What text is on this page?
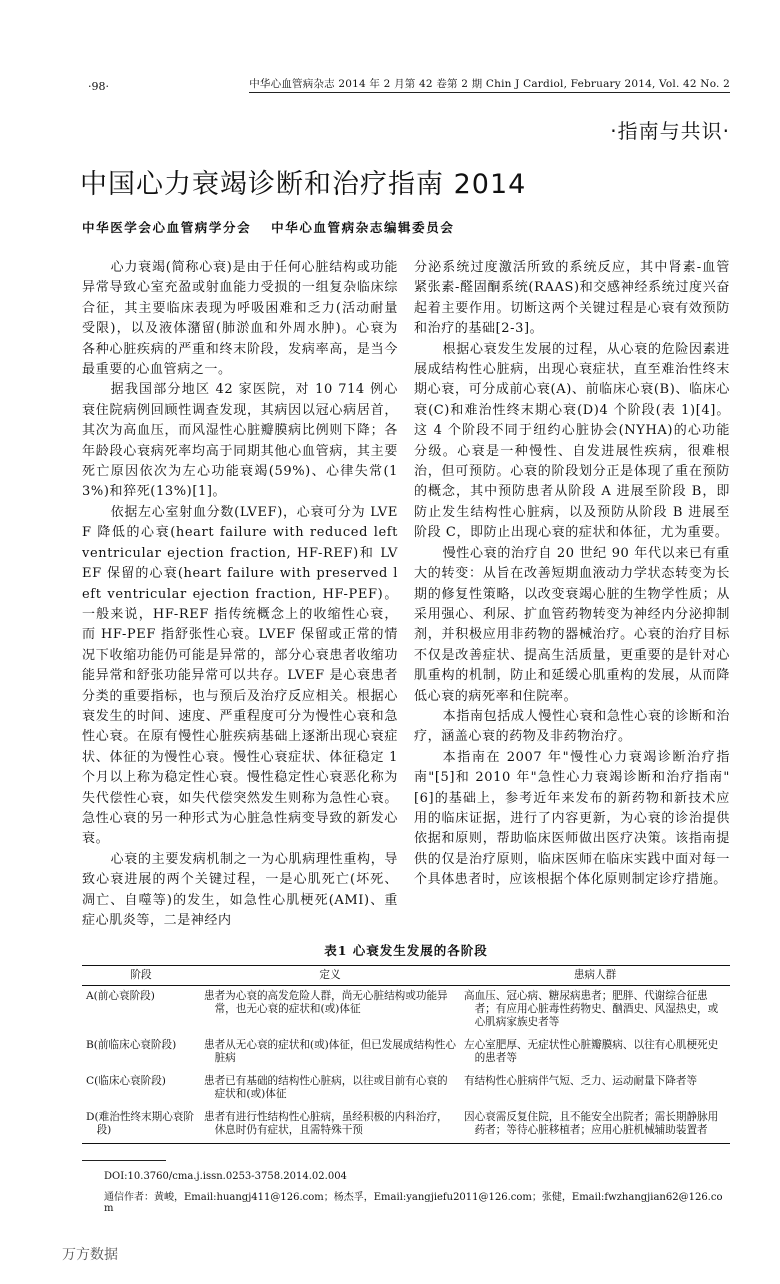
·98·	中华心血管病杂志 2014 年 2 月第 42 卷第 2 期 Chin J Cardiol, February 2014, Vol. 42 No. 2
·指南与共识·
中国心力衰竭诊断和治疗指南 2014
中华医学会心血管病学分会 中华心血管病杂志编辑委员会

心力衰竭(简称心衰)是由于任何心脏结构或功能异常导致心室充盈或射血能力受损的一组复杂临床综合征，其主要临床表现为呼吸困难和乏力(活动耐量受限)，以及液体潴留(肺淤血和外周水肿)。心衰为各种心脏疾病的严重和终末阶段，发病率高，是当今最重要的心血管病之一。

据我国部分地区 42 家医院，对 10 714 例心衰住院病例回顾性调查发现，其病因以冠心病居首，其次为高血压，而风湿性心脏瓣膜病比例则下降；各年龄段心衰病死率均高于同期其他心血管病，其主要死亡原因依次为左心功能衰竭(59%)、心律失常(13%)和猝死(13%)[1]。

依据左心室射血分数(LVEF)，心衰可分为 LVEF 降低的心衰(heart failure with reduced left ventricular ejection fraction, HF-REF)和 LVEF 保留的心衰(heart failure with preserved left ventricular ejection fraction, HF-PEF)。一般来说，HF-REF 指传统概念上的收缩性心衰，而 HF-PEF 指舒张性心衰。LVEF 保留或正常的情况下收缩功能仍可能是异常的，部分心衰患者收缩功能异常和舒张功能异常可以共存。LVEF 是心衰患者分类的重要指标，也与预后及治疗反应相关。根据心衰发生的时间、速度、严重程度可分为慢性心衰和急性心衰。在原有慢性心脏疾病基础上逐渐出现心衰症状、体征的为慢性心衰。慢性心衰症状、体征稳定 1 个月以上称为稳定性心衰。慢性稳定性心衰恶化称为失代偿性心衰，如失代偿突然发生则称为急性心衰。急性心衰的另一种形式为心脏急性病变导致的新发心衰。

心衰的主要发病机制之一为心肌病理性重构，导致心衰进展的两个关键过程，一是心肌死亡(坏死、凋亡、自噬等)的发生，如急性心肌梗死(AMI)、重症心肌炎等，二是神经内

分泌系统过度激活所致的系统反应，其中肾素-血管紧张素-醛固酮系统(RAAS)和交感神经系统过度兴奋起着主要作用。切断这两个关键过程是心衰有效预防和治疗的基础[2-3]。

根据心衰发生发展的过程，从心衰的危险因素进展成结构性心脏病，出现心衰症状，直至难治性终末期心衰，可分成前心衰(A)、前临床心衰(B)、临床心衰(C)和难治性终末期心衰(D)4 个阶段(表 1)[4]。这 4 个阶段不同于纽约心脏协会(NYHA)的心功能分级。心衰是一种慢性、自发进展性疾病，很难根治，但可预防。心衰的阶段划分正是体现了重在预防的概念，其中预防患者从阶段 A 进展至阶段 B，即防止发生结构性心脏病，以及预防从阶段 B 进展至阶段 C，即防止出现心衰的症状和体征，尤为重要。

慢性心衰的治疗自 20 世纪 90 年代以来已有重大的转变：从旨在改善短期血液动力学状态转变为长期的修复性策略，以改变衰竭心脏的生物学性质；从采用强心、利尿、扩血管药物转变为神经内分泌抑制剂，并积极应用非药物的器械治疗。心衰的治疗目标不仅是改善症状、提高生活质量，更重要的是针对心肌重构的机制，防止和延缓心肌重构的发展，从而降低心衰的病死率和住院率。

本指南包括成人慢性心衰和急性心衰的诊断和治疗，涵盖心衰的药物及非药物治疗。

本指南在 2007 年"慢性心力衰竭诊断治疗指南"[5]和 2010 年"急性心力衰竭诊断和治疗指南"[6]的基础上，参考近年来发布的新药物和新技术应用的临床证据，进行了内容更新，为心衰的诊治提供依据和原则，帮助临床医师做出医疗决策。该指南提供的仅是治疗原则，临床医师在临床实践中面对每一个具体患者时，应该根据个体化原则制定诊疗措施。

表1 心衰发生发展的各阶段
阶段	定义	患病人群

A(前心衰阶段)	患者为心衰的高发危险人群，尚无心脏结构或功能异常，也无心衰的症状和(或)体征	高血压、冠心病、糖尿病患者；肥胖、代谢综合征患者；有应用心脏毒性药物史、酗酒史、风湿热史，或心肌病家族史者等

B(前临床心衰阶段)	患者从无心衰的症状和(或)体征，但已发展成结构性心脏病	左心室肥厚、无症状性心脏瓣膜病、以往有心肌梗死史的患者等

C(临床心衰阶段)	患者已有基础的结构性心脏病，以往或目前有心衰的症状和(或)体征	有结构性心脏病伴气短、乏力、运动耐量下降者等

D(难治性终末期心衰阶段)	患者有进行性结构性心脏病，虽经积极的内科治疗，休息时仍有症状，且需特殊干预	因心衰需反复住院，且不能安全出院者；需长期静脉用药者；等待心脏移植者；应用心脏机械辅助装置者
DOI:10.3760/cma.j.issn.0253-3758.2014.02.004
通信作者：黄峻，Email:huangj411@126.com；杨杰孚，Email:yangjiefu2011@126.com；张健，Email:fwzhangjian62@126.com
万方数据
